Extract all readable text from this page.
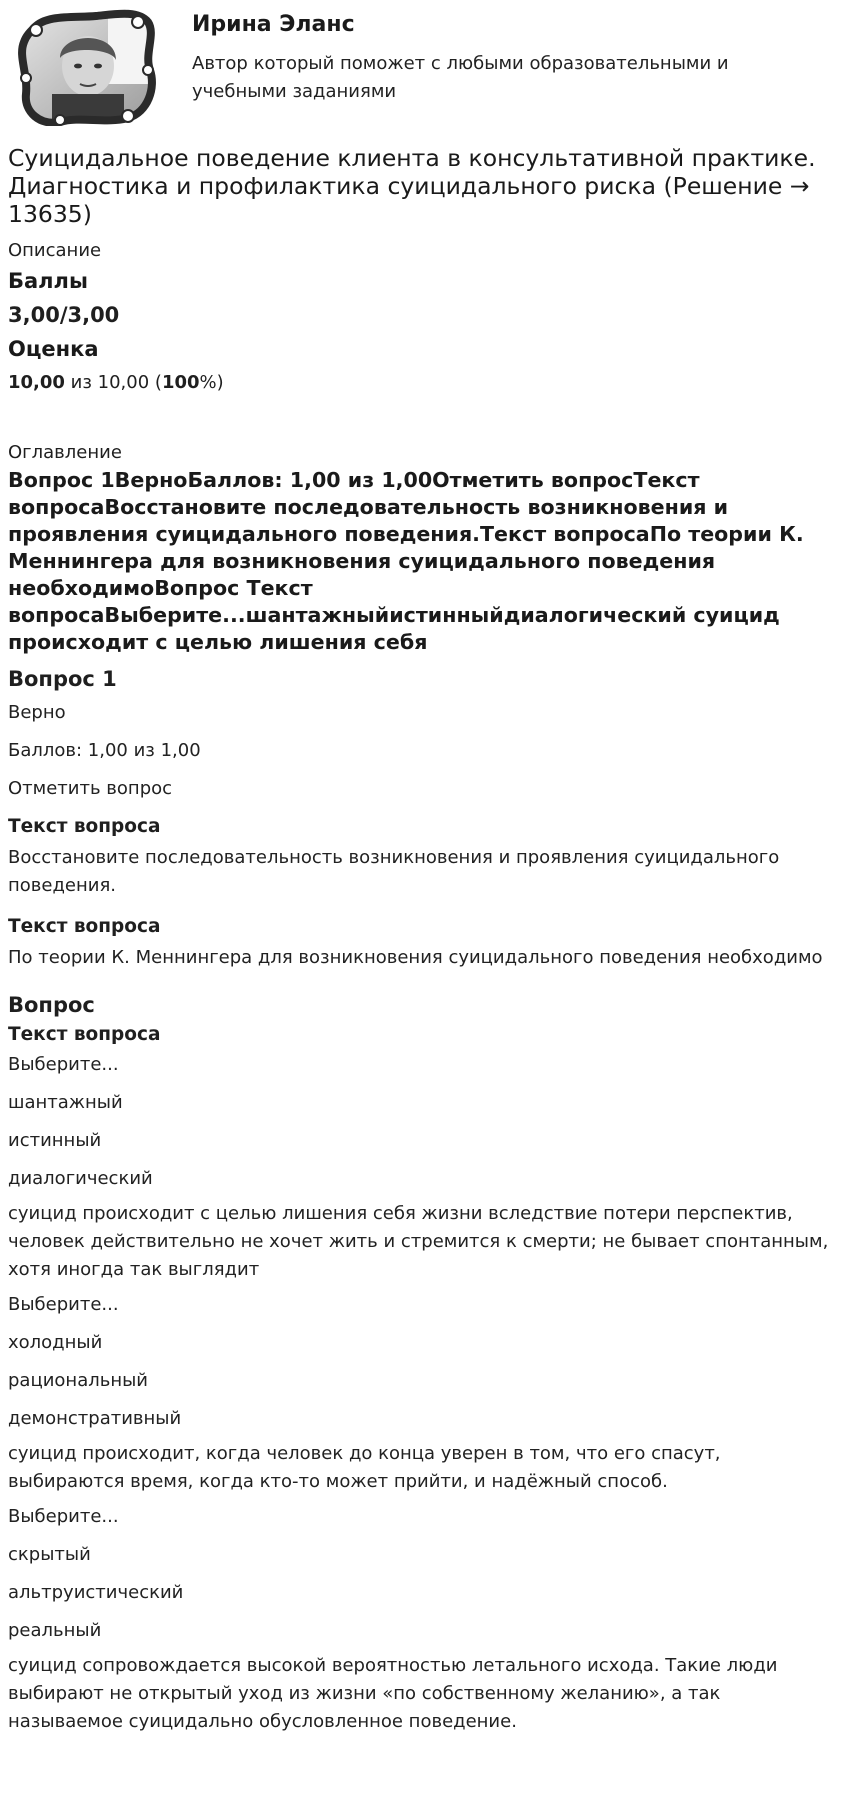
Ирина Эланс
Автор который поможет с любыми образовательными и учебными заданиями
Суицидальное поведение клиента в консультативной практике. Диагностика и профилактика суицидального риска (Решение → 13635)
Описание
Баллы
3,00/3,00
Оценка
10,00 из 10,00 (100%)
Оглавление
Вопрос 1ВерноБаллов: 1,00 из 1,00Отметить вопросТекст вопросаВосстановите последовательность возникновения и проявления суицидального поведения.Текст вопросаПо теории К. Меннингера для возникновения суицидального поведения необходимоВопрос Текст вопросаВыберите...шантажныйистинныйдиалогический суицид происходит с целью лишения себя
Вопрос 1
Верно
Баллов: 1,00 из 1,00
Отметить вопрос
Текст вопроса
Восстановите последовательность возникновения и проявления суицидального поведения.
Текст вопроса
По теории К. Меннингера для возникновения суицидального поведения необходимо
Вопрос
Текст вопроса
Выберите...
шантажный
истинный
диалогический
суицид происходит с целью лишения себя жизни вследствие потери перспектив, человек действительно не хочет жить и стремится к смерти; не бывает спонтанным, хотя иногда так выглядит
Выберите...
холодный
рациональный
демонстративный
суицид происходит, когда человек до конца уверен в том, что его спасут, выбираются время, когда кто-то может прийти, и надёжный способ.
Выберите...
скрытый
альтруистический
реальный
суицид сопровождается высокой вероятностью летального исхода. Такие люди выбирают не открытый уход из жизни «по собственному желанию», а так называемое суицидально обусловленное поведение.
